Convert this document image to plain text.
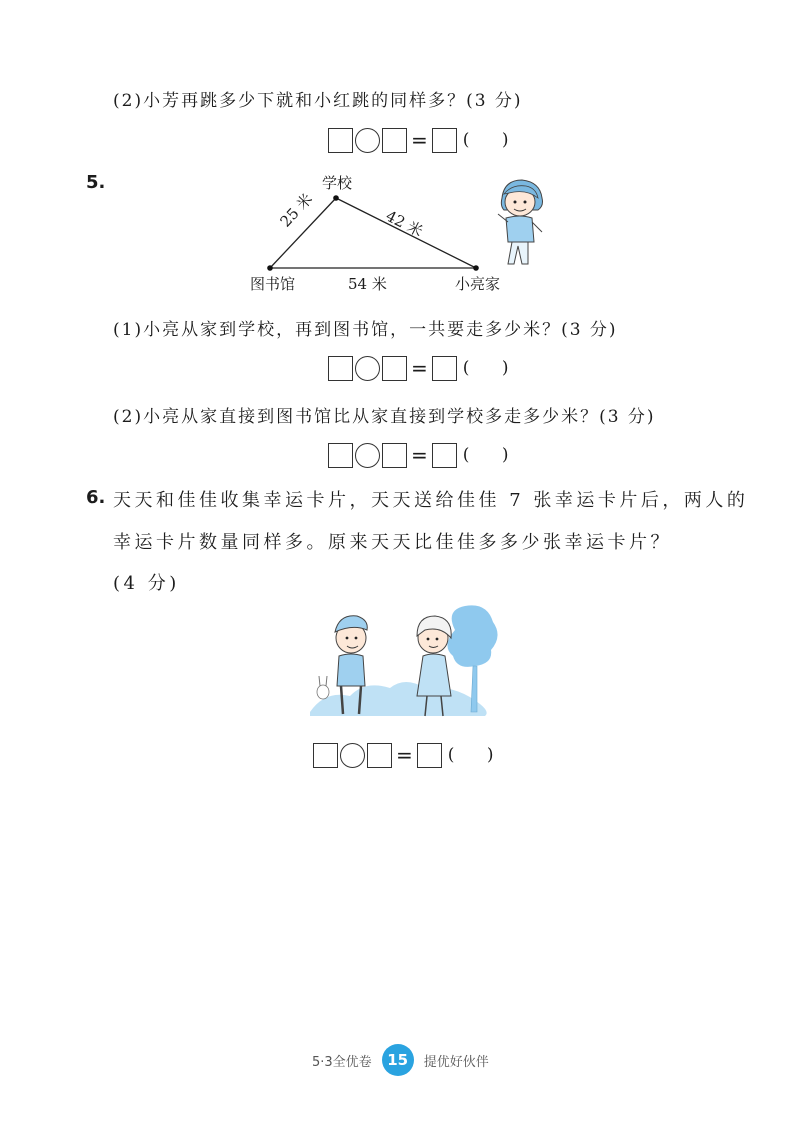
(2)小芳再跳多少下就和小红跳的同样多？(3 分)
= (      )
5.	学校
图书馆	小亮家
54 米
25 米	42 米
(1)小亮从家到学校，再到图书馆，一共要走多少米？(3 分)
= (      )
(2)小亮从家直接到图书馆比从家直接到学校多走多少米？(3 分)
= (      )
6. 天天和佳佳收集幸运卡片，天天送给佳佳 7 张幸运卡片后，两人的
幸运卡片数量同样多。原来天天比佳佳多多少张幸运卡片？
(4 分)
= (      )
5·3全优卷	15	提优好伙伴
